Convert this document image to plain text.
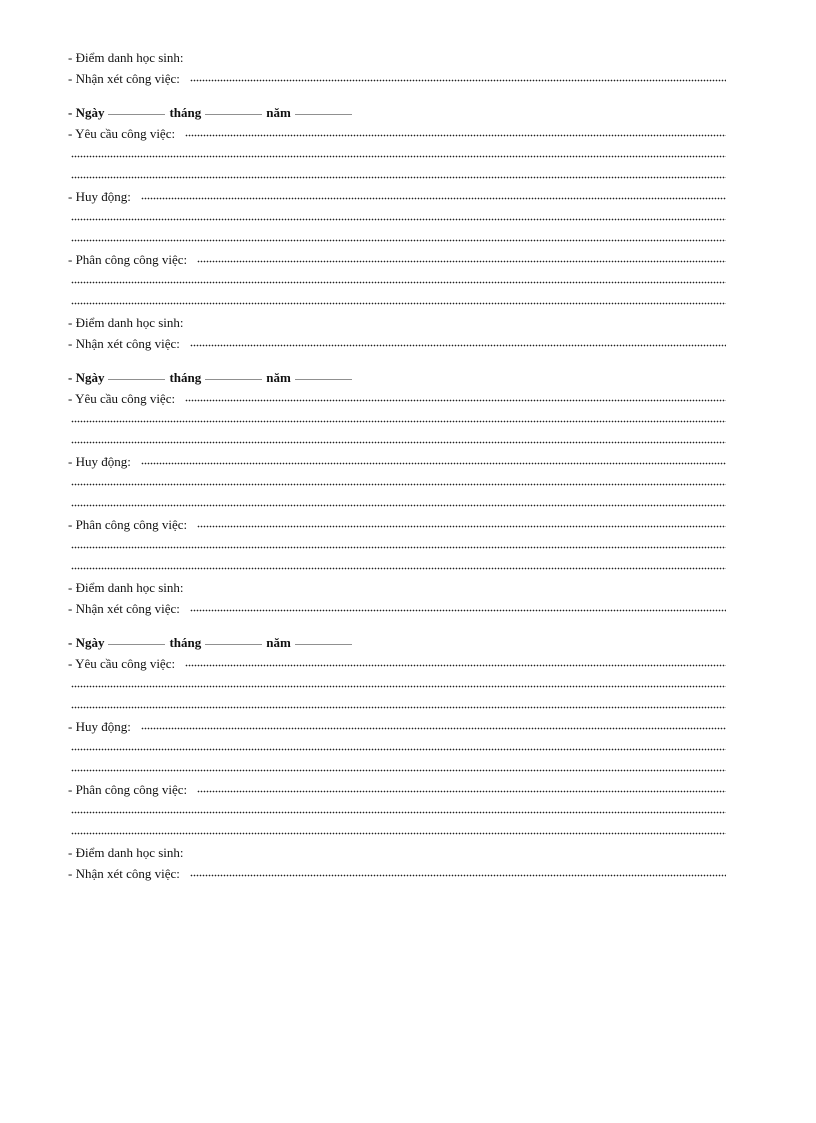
- Điểm danh học sinh:
- Nhận xét công việc:
- Ngày	tháng	năm
- Yêu cầu công việc:
- Huy động:
- Phân công công việc:
- Điểm danh học sinh:
- Nhận xét công việc:
- Ngày	tháng	năm
- Yêu cầu công việc:
- Huy động:
- Phân công công việc:
- Điểm danh học sinh:
- Nhận xét công việc:
- Ngày	tháng	năm
- Yêu cầu công việc:
- Huy động:
- Phân công công việc:
- Điểm danh học sinh:
- Nhận xét công việc:
